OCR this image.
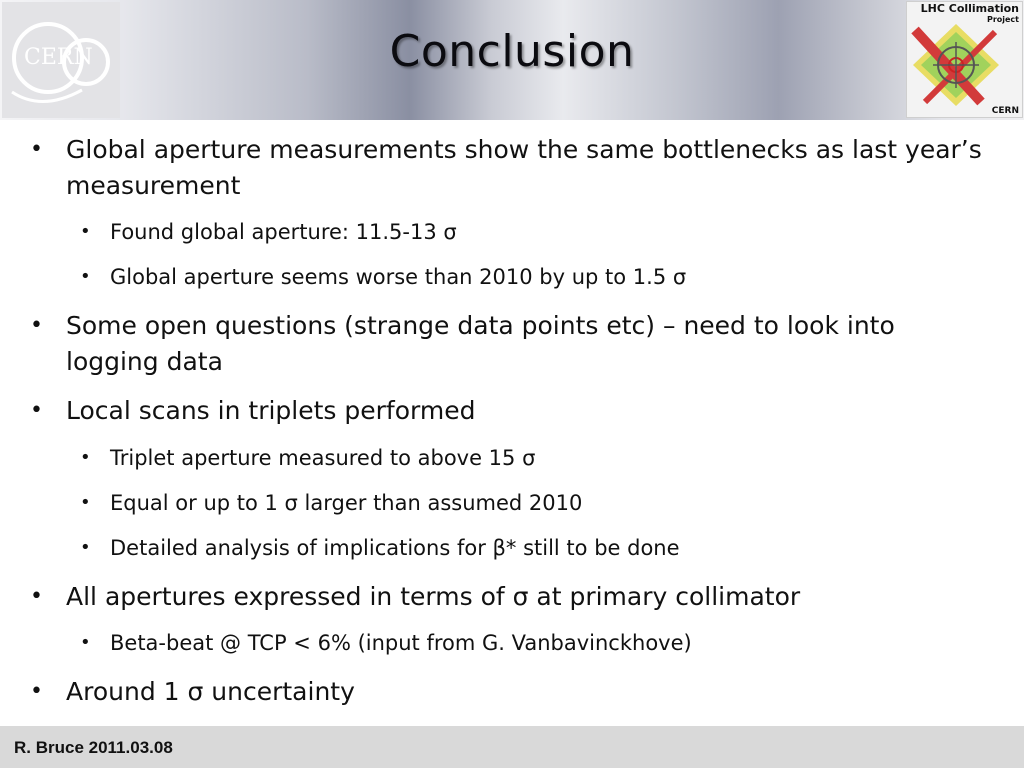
CERN	Conclusion
LHC Collimation
Project
CERN
• Global aperture measurements show the same bottlenecks as last year’s measurement
• Found global aperture: 11.5-13 σ
• Global aperture seems worse than 2010 by up to 1.5 σ
• Some open questions (strange data points etc) – need to look into logging data
• Local scans in triplets performed
• Triplet aperture measured to above 15 σ
• Equal or up to 1 σ larger than assumed 2010
• Detailed analysis of implications for β* still to be done
• All apertures expressed in terms of σ at primary collimator
• Beta-beat @ TCP < 6% (input from G. Vanbavinckhove)
• Around 1 σ uncertainty
R. Bruce 2011.03.08
